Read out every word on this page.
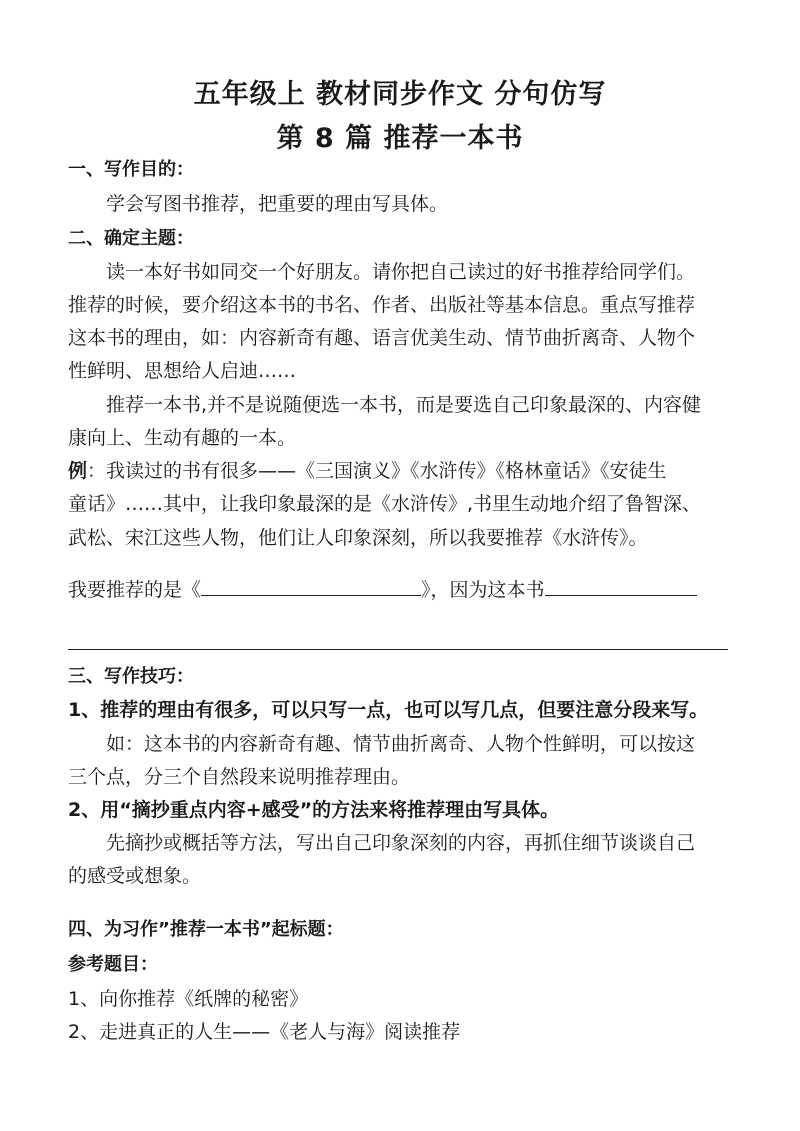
五年级上 教材同步作文 分句仿写
第 8 篇 推荐一本书
一、写作目的：
学会写图书推荐，把重要的理由写具体。
二、确定主题：
读一本好书如同交一个好朋友。请你把自己读过的好书推荐给同学们。
推荐的时候，要介绍这本书的书名、作者、出版社等基本信息。重点写推荐
这本书的理由，如：内容新奇有趣、语言优美生动、情节曲折离奇、人物个
性鲜明、思想给人启迪……
推荐一本书,并不是说随便选一本书，而是要选自己印象最深的、内容健
康向上、生动有趣的一本。
例：我读过的书有很多——《三国演义》《水浒传》《格林童话》《安徒生
童话》……其中，让我印象最深的是《水浒传》,书里生动地介绍了鲁智深、
武松、宋江这些人物，他们让人印象深刻，所以我要推荐《水浒传》。
我要推荐的是《	》，因为这本书
三、写作技巧：
1、推荐的理由有很多，可以只写一点，也可以写几点，但要注意分段来写。
如：这本书的内容新奇有趣、情节曲折离奇、人物个性鲜明，可以按这
三个点，分三个自然段来说明推荐理由。
2、用“摘抄重点内容+感受”的方法来将推荐理由写具体。
先摘抄或概括等方法，写出自己印象深刻的内容，再抓住细节谈谈自己
的感受或想象。
四、为习作”推荐一本书”起标题：
参考题目：
1、向你推荐《纸牌的秘密》
2、走进真正的人生——《老人与海》阅读推荐
